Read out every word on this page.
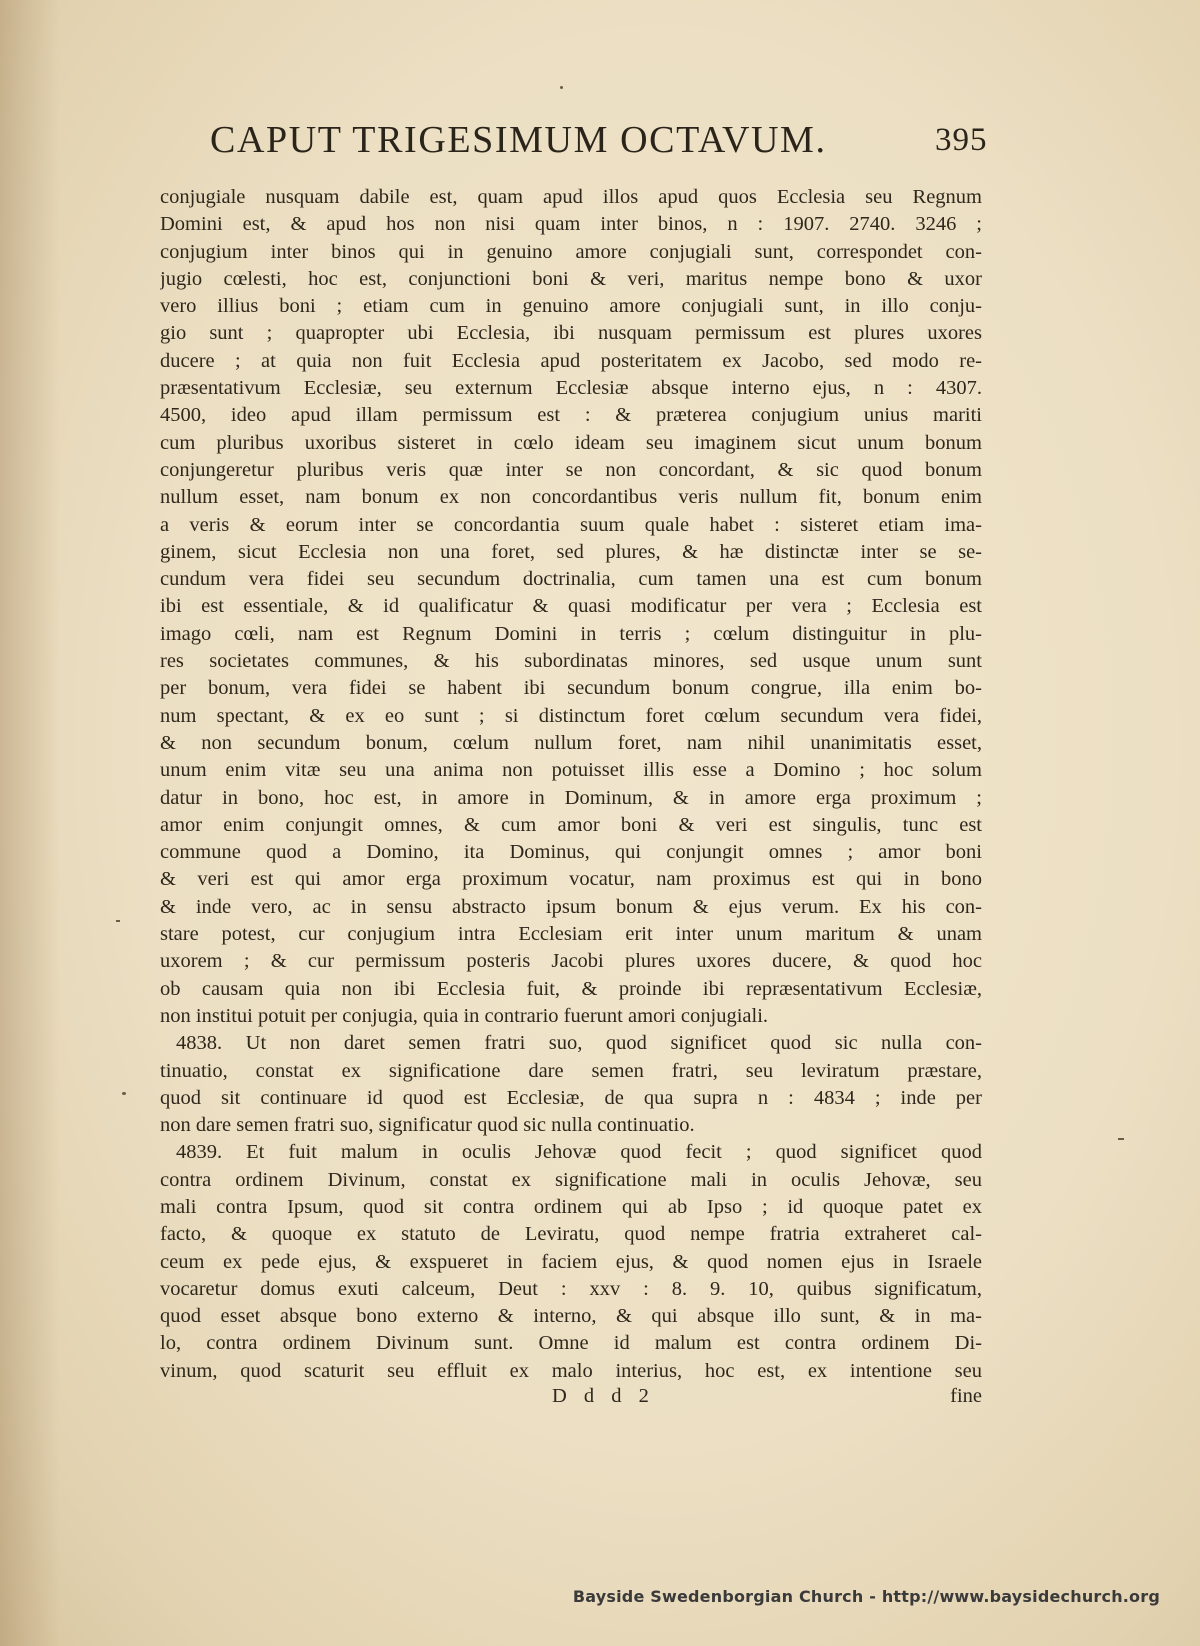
CAPUT TRIGESIMUM OCTAVUM.	395
conjugiale nusquam dabile est, quam apud illos apud quos Ecclesia seu Regnum
Domini est, & apud hos non nisi quam inter binos, n : 1907. 2740. 3246 ;
conjugium inter binos qui in genuino amore conjugiali sunt, correspondet con-
jugio cœlesti, hoc est, conjunctioni boni & veri, maritus nempe bono & uxor
vero illius boni ; etiam cum in genuino amore conjugiali sunt, in illo conju-
gio sunt ; quapropter ubi Ecclesia, ibi nusquam permissum est plures uxores
ducere ; at quia non fuit Ecclesia apud posteritatem ex Jacobo, sed modo re-
præsentativum Ecclesiæ, seu externum Ecclesiæ absque interno ejus, n : 4307.
4500, ideo apud illam permissum est : & præterea conjugium unius mariti
cum pluribus uxoribus sisteret in cœlo ideam seu imaginem sicut unum bonum
conjungeretur pluribus veris quæ inter se non concordant, & sic quod bonum
nullum esset, nam bonum ex non concordantibus veris nullum fit, bonum enim
a veris & eorum inter se concordantia suum quale habet : sisteret etiam ima-
ginem, sicut Ecclesia non una foret, sed plures, & hæ distinctæ inter se se-
cundum vera fidei seu secundum doctrinalia, cum tamen una est cum bonum
ibi est essentiale, & id qualificatur & quasi modificatur per vera ; Ecclesia est
imago cœli, nam est Regnum Domini in terris ; cœlum distinguitur in plu-
res societates communes, & his subordinatas minores, sed usque unum sunt
per bonum, vera fidei se habent ibi secundum bonum congrue, illa enim bo-
num spectant, & ex eo sunt ; si distinctum foret cœlum secundum vera fidei,
& non secundum bonum, cœlum nullum foret, nam nihil unanimitatis esset,
unum enim vitæ seu una anima non potuisset illis esse a Domino ; hoc solum
datur in bono, hoc est, in amore in Dominum, & in amore erga proximum ;
amor enim conjungit omnes, & cum amor boni & veri est singulis, tunc est
commune quod a Domino, ita Dominus, qui conjungit omnes ; amor boni
& veri est qui amor erga proximum vocatur, nam proximus est qui in bono
& inde vero, ac in sensu abstracto ipsum bonum & ejus verum. Ex his con-
stare potest, cur conjugium intra Ecclesiam erit inter unum maritum & unam
uxorem ; & cur permissum posteris Jacobi plures uxores ducere, & quod hoc
ob causam quia non ibi Ecclesia fuit, & proinde ibi repræsentativum Ecclesiæ,
non institui potuit per conjugia, quia in contrario fuerunt amori conjugiali.
4838. Ut non daret semen fratri suo, quod significet quod sic nulla con-
tinuatio, constat ex significatione dare semen fratri, seu leviratum præstare,
quod sit continuare id quod est Ecclesiæ, de qua supra n : 4834 ; inde per
non dare semen fratri suo, significatur quod sic nulla continuatio.
4839. Et fuit malum in oculis Jehovæ quod fecit ; quod significet quod
contra ordinem Divinum, constat ex significatione mali in oculis Jehovæ, seu
mali contra Ipsum, quod sit contra ordinem qui ab Ipso ; id quoque patet ex
facto, & quoque ex statuto de Leviratu, quod nempe fratria extraheret cal-
ceum ex pede ejus, & exspueret in faciem ejus, & quod nomen ejus in Israele
vocaretur domus exuti calceum, Deut : xxv : 8. 9. 10, quibus significatum,
quod esset absque bono externo & interno, & qui absque illo sunt, & in ma-
lo, contra ordinem Divinum sunt. Omne id malum est contra ordinem Di-
vinum, quod scaturit seu effluit ex malo interius, hoc est, ex intentione seu
D d d 2	fine
Bayside Swedenborgian Church - http://www.baysidechurch.org
